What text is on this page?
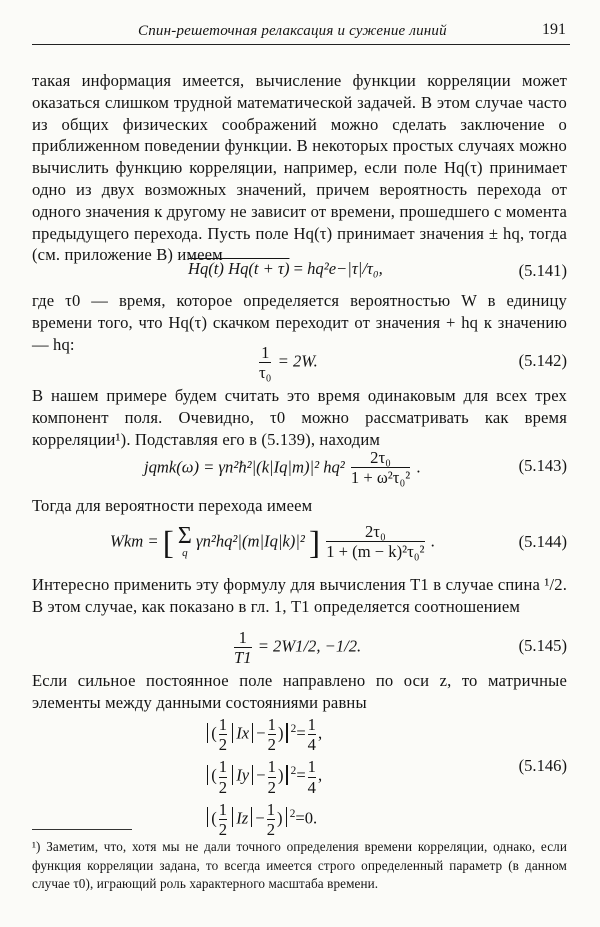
Спин-решеточная релаксация и сужение линий	191
такая информация имеется, вычисление функции корреляции может оказаться слишком трудной математической задачей. В этом случае часто из общих физических соображений можно сделать заключение о приближенном поведении функции. В некоторых простых случаях можно вычислить функцию корреляции, например, если поле Hq(τ) принимает одно из двух возможных значений, причем вероятность перехода от одного значения к другому не зависит от времени, прошедшего с момента предыдущего перехода. Пусть поле Hq(τ) принимает значения ± hq, тогда (см. приложение В) имеем
Hq(t) Hq(t + τ) = hq²e−|τ|/τ₀,	(5.141)
где τ0 — время, которое определяется вероятностью W в единицу времени того, что Hq(τ) скачком переходит от значения + hq к значению — hq:	$\frac{1}{\text{τ₀}} = 2W$.	(5.142)
В нашем примере будем считать это время одинаковым для всех трех компонент поля. Очевидно, τ0 можно рассматривать как время корреляции¹). Подставляя его в (5.139), находим
jqmk(ω) = γn²ħ²|(k|Iq|m)|² $hq^2 \frac{\text{2τ₀}}{\text{1 + ω²τ₀²}}$ .	(5.143)
Тогда для вероятности перехода имеем
Wkm = [ Σ
q
γn²hq²|(m|Iq|k)|² ] $\frac{\text{2τ₀}}{\text{1 + (m − k)²τ₀²}}$ .	(5.144)
Интересно применить эту формулу для вычисления T1 в случае спина ¹/2. В этом случае, как показано в гл. 1, T1 определяется соотношением
$\frac{1}{T1} = 2W1/2$, −1/2.	(5.145)
Если сильное постоянное поле направлено по оси z, то матричные элементы между данными состояниями равны
( $\frac{1}{2}$ $Ix - \frac{1}{2}$ ) $^2= \frac{1}{4}$ ,
( $\frac{1}{2}$ $Iy - \frac{1}{2}$ ) $^2= \frac{1}{4}$ ,
( $\frac{1}{2}$ $Iz - \frac{1}{2}$ ) $^2$=0.
(5.146)
¹) Заметим, что, хотя мы не дали точного определения времени корреляции, однако, если функция корреляции задана, то всегда имеется строго определенный параметр (в данном случае τ0), играющий роль характерного масштаба времени.
